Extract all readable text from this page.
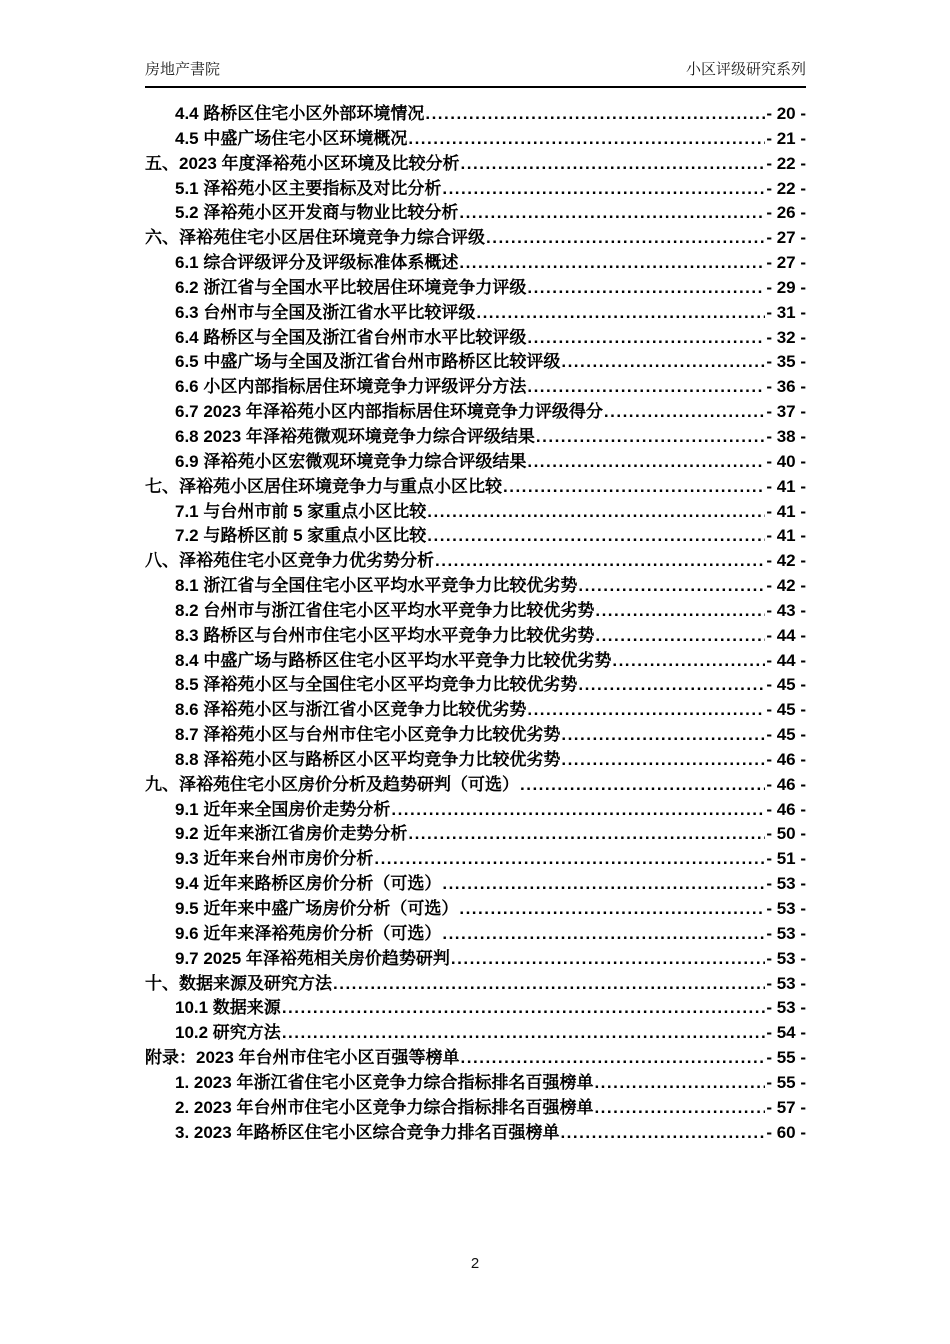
房地产書院	小区评级研究系列
4.4 路桥区住宅小区外部环境情况 .....	- 20 -
4.5 中盛广场住宅小区环境概况 .....	- 21 -
五、2023 年度泽裕苑小区环境及比较分析 .....	- 22 -
5.1 泽裕苑小区主要指标及对比分析 .....	- 22 -
5.2 泽裕苑小区开发商与物业比较分析 .....	- 26 -
六、泽裕苑住宅小区居住环境竞争力综合评级 .....	- 27 -
6.1 综合评级评分及评级标准体系概述 .....	- 27 -
6.2 浙江省与全国水平比较居住环境竞争力评级 .....	- 29 -
6.3 台州市与全国及浙江省水平比较评级 .....	- 31 -
6.4 路桥区与全国及浙江省台州市水平比较评级 .....	- 32 -
6.5 中盛广场与全国及浙江省台州市路桥区比较评级 .....	- 35 -
6.6 小区内部指标居住环境竞争力评级评分方法 .....	- 36 -
6.7 2023 年泽裕苑小区内部指标居住环境竞争力评级得分 .....	- 37 -
6.8 2023 年泽裕苑微观环境竞争力综合评级结果 .....	- 38 -
6.9 泽裕苑小区宏微观环境竞争力综合评级结果 .....	- 40 -
七、泽裕苑小区居住环境竞争力与重点小区比较 .....	- 41 -
7.1 与台州市前 5 家重点小区比较 .....	- 41 -
7.2 与路桥区前 5 家重点小区比较 .....	- 41 -
八、泽裕苑住宅小区竞争力优劣势分析 .....	- 42 -
8.1 浙江省与全国住宅小区平均水平竞争力比较优劣势 .....	- 42 -
8.2 台州市与浙江省住宅小区平均水平竞争力比较优劣势 .....	- 43 -
8.3 路桥区与台州市住宅小区平均水平竞争力比较优劣势 .....	- 44 -
8.4 中盛广场与路桥区住宅小区平均水平竞争力比较优劣势 .....	- 44 -
8.5 泽裕苑小区与全国住宅小区平均竞争力比较优劣势 .....	- 45 -
8.6 泽裕苑小区与浙江省小区竞争力比较优劣势 .....	- 45 -
8.7 泽裕苑小区与台州市住宅小区竞争力比较优劣势 .....	- 45 -
8.8 泽裕苑小区与路桥区小区平均竞争力比较优劣势 .....	- 46 -
九、泽裕苑住宅小区房价分析及趋势研判（可选） .....	- 46 -
9.1 近年来全国房价走势分析 .....	- 46 -
9.2 近年来浙江省房价走势分析 .....	- 50 -
9.3 近年来台州市房价分析 .....	- 51 -
9.4 近年来路桥区房价分析（可选） .....	- 53 -
9.5 近年来中盛广场房价分析（可选） .....	- 53 -
9.6 近年来泽裕苑房价分析（可选） .....	- 53 -
9.7 2025 年泽裕苑相关房价趋势研判 .....	- 53 -
十、数据来源及研究方法 .....	- 53 -
10.1 数据来源 .....	- 53 -
10.2 研究方法 .....	- 54 -
附录：2023 年台州市住宅小区百强等榜单 .....	- 55 -
1. 2023 年浙江省住宅小区竞争力综合指标排名百强榜单 .....	- 55 -
2. 2023 年台州市住宅小区竞争力综合指标排名百强榜单 .....	- 57 -
3. 2023 年路桥区住宅小区综合竞争力排名百强榜单 .....	- 60 -
2
